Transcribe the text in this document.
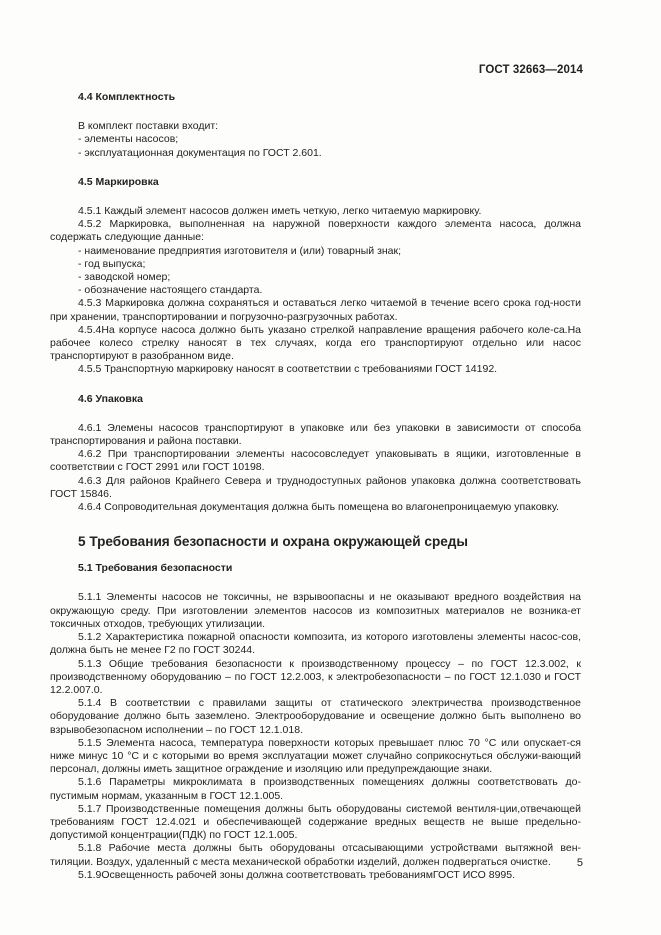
ГОСТ 32663—2014
4.4 Комплектность

В комплект поставки входит:

- элементы насосов;

- эксплуатационная документация по ГОСТ 2.601.

4.5 Маркировка

4.5.1 Каждый элемент насосов должен иметь четкую, легко читаемую маркировку.

4.5.2 Маркировка, выполненная на наружной поверхности каждого элемента насоса, должна содержать следующие данные:

- наименование предприятия изготовителя и (или) товарный знак;

- год выпуска;

- заводской номер;

- обозначение настоящего стандарта.

4.5.3 Маркировка должна сохраняться и оставаться легко читаемой в течение всего срока год-ности при хранении, транспортировании и погрузочно-разгрузочных работах.

4.5.4На корпусе насоса должно быть указано стрелкой направление вращения рабочего коле-са.На рабочее колесо стрелку наносят в тех случаях, когда его транспортируют отдельно или насос транспортируют в разобранном виде.

4.5.5 Транспортную маркировку наносят в соответствии с требованиями ГОСТ 14192.

4.6 Упаковка

4.6.1 Элемены насосов транспортируют в упаковке или без упаковки в зависимости от способа транспортирования и района поставки.

4.6.2 При транспортировании элементы насосовследует упаковывать в ящики, изготовленные в соответствии с ГОСТ 2991 или ГОСТ 10198.

4.6.3 Для районов Крайнего Севера и труднодоступных районов упаковка должна соответствовать ГОСТ 15846.

4.6.4 Сопроводительная документация должна быть помещена во влагонепроницаемую упаковку.

5 Требования безопасности и охрана окружающей среды
5.1 Требования безопасности

5.1.1 Элементы насосов не токсичны, не взрывоопасны и не оказывают вредного воздействия на окружающую среду. При изготовлении элементов насосов из композитных материалов не возника-ет токсичных отходов, требующих утилизации.

5.1.2 Характеристика пожарной опасности композита, из которого изготовлены элементы насос-сов, должна быть не менее Г2 по ГОСТ 30244.

5.1.3 Общие требования безопасности к производственному процессу – по ГОСТ 12.3.002, к производственному оборудованию – по ГОСТ 12.2.003, к электробезопасности – по ГОСТ 12.1.030 и ГОСТ 12.2.007.0.

5.1.4 В соответствии с правилами защиты от статического электричества производственное оборудование должно быть заземлено. Электрооборудование и освещение должно быть выполнено во взрывобезопасном исполнении – по ГОСТ 12.1.018.

5.1.5 Элемента насоса, температура поверхности которых превышает плюс 70 °С или опускает-ся ниже минус 10 °С и с которыми во время эксплуатации может случайно соприкоснуться обслужи-вающий персонал, должны иметь защитное ограждение и изоляцию или предупреждающие знаки.

5.1.6 Параметры микроклимата в производственных помещениях должны соответствовать до-пустимым нормам, указанным в ГОСТ 12.1.005.

5.1.7 Производственные помещения должны быть оборудованы системой вентиля-ции,отвечающей требованиям ГОСТ 12.4.021 и обеспечивающей содержание вредных веществ не выше предельно-допустимой концентрации(ПДК) по ГОСТ 12.1.005.

5.1.8 Рабочие места должны быть оборудованы отсасывающими устройствами вытяжной вен-тиляции. Воздух, удаленный с места механической обработки изделий, должен подвергаться очистке.

5.1.9Освещенность рабочей зоны должна соответствовать требованиямГОСТ ИСО 8995.

5
